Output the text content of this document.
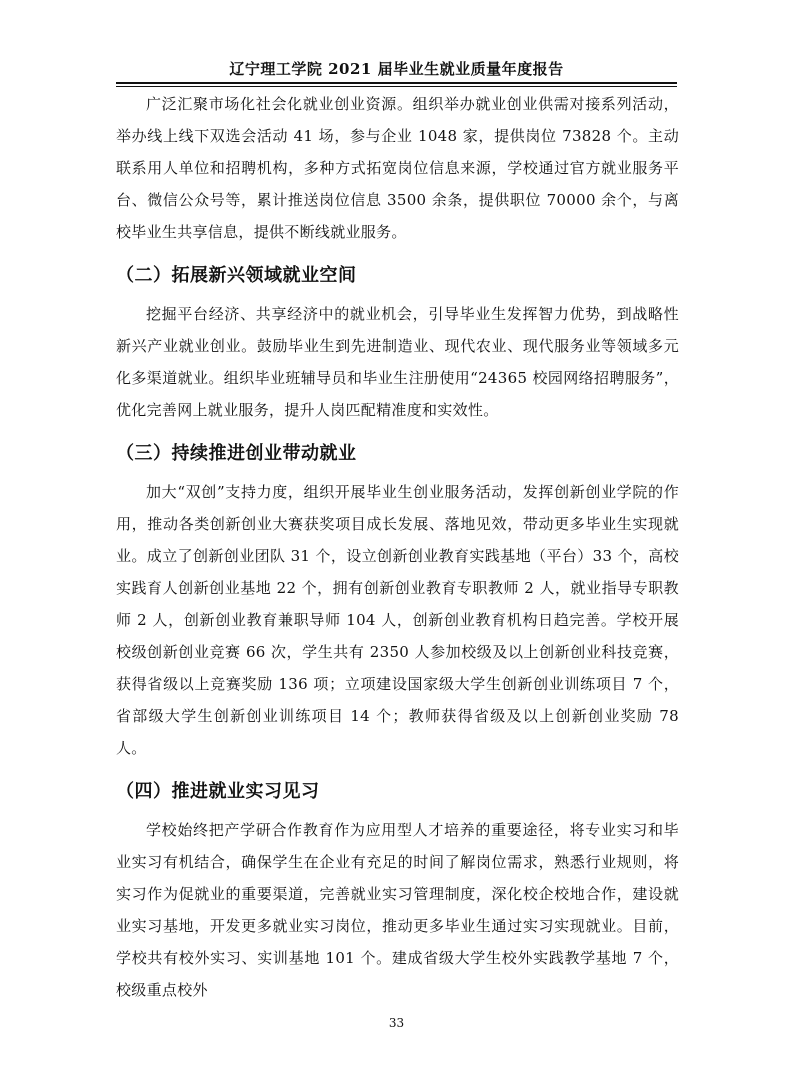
辽宁理工学院 2021 届毕业生就业质量年度报告

广泛汇聚市场化社会化就业创业资源。组织举办就业创业供需对接系列活动，举办线上线下双选会活动 41 场，参与企业 1048 家，提供岗位 73828 个。主动联系用人单位和招聘机构，多种方式拓宽岗位信息来源，学校通过官方就业服务平台、微信公众号等，累计推送岗位信息 3500 余条，提供职位 70000 余个，与离校毕业生共享信息，提供不断线就业服务。

（二）拓展新兴领域就业空间

挖掘平台经济、共享经济中的就业机会，引导毕业生发挥智力优势，到战略性新兴产业就业创业。鼓励毕业生到先进制造业、现代农业、现代服务业等领域多元化多渠道就业。组织毕业班辅导员和毕业生注册使用“24365 校园网络招聘服务”，优化完善网上就业服务，提升人岗匹配精准度和实效性。

（三）持续推进创业带动就业

加大“双创”支持力度，组织开展毕业生创业服务活动，发挥创新创业学院的作用，推动各类创新创业大赛获奖项目成长发展、落地见效，带动更多毕业生实现就业。成立了创新创业团队 31 个，设立创新创业教育实践基地（平台）33 个，高校实践育人创新创业基地 22 个，拥有创新创业教育专职教师 2 人，就业指导专职教师 2 人，创新创业教育兼职导师 104 人，创新创业教育机构日趋完善。学校开展校级创新创业竞赛 66 次，学生共有 2350 人参加校级及以上创新创业科技竞赛，获得省级以上竞赛奖励 136 项；立项建设国家级大学生创新创业训练项目 7 个，省部级大学生创新创业训练项目 14 个；教师获得省级及以上创新创业奖励 78 人。

（四）推进就业实习见习

学校始终把产学研合作教育作为应用型人才培养的重要途径，将专业实习和毕业实习有机结合，确保学生在企业有充足的时间了解岗位需求，熟悉行业规则，将实习作为促就业的重要渠道，完善就业实习管理制度，深化校企校地合作，建设就业实习基地，开发更多就业实习岗位，推动更多毕业生通过实习实现就业。目前，学校共有校外实习、实训基地 101 个。建成省级大学生校外实践教学基地 7 个，校级重点校外

33
